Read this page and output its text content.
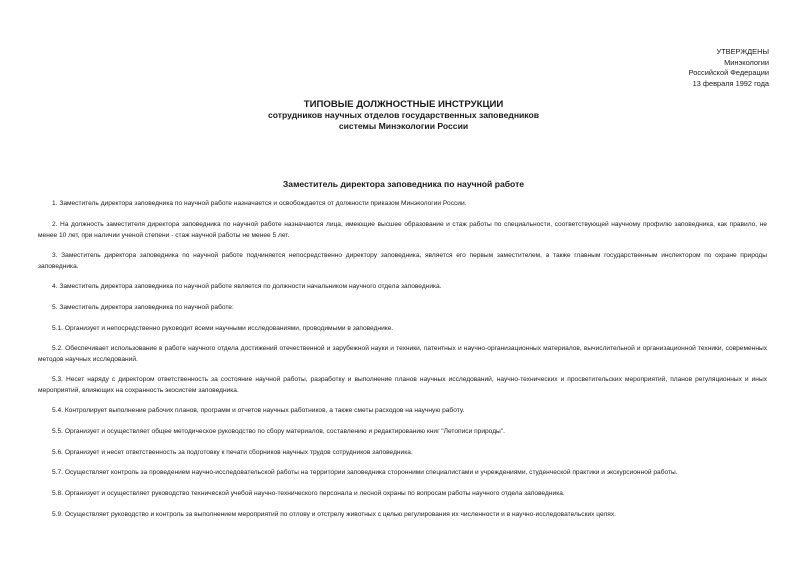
УТВЕРЖДЕНЫ
Минэкологии
Российской Федерации
13 февраля 1992 года
ТИПОВЫЕ ДОЛЖНОСТНЫЕ ИНСТРУКЦИИ
сотрудников научных отделов государственных заповедников
системы Минэкологии России
Заместитель директора заповедника по научной работе

1. Заместитель директора заповедника по научной работе назначается и освобождается от должности приказом Минэкологии России.

2. На должность заместителя директора заповедника по научной работе назначаются лица, имеющие высшее образование и стаж работы по специальности, соответствующей научному профилю заповедника, как правило, не менее 10 лет, при наличии ученой степени - стаж научной работы не менее 5 лет.

3. Заместитель директора заповедника по научной работе подчиняется непосредственно директору заповедника, является его первым заместителем, а также главным государственным инспектором по охране природы заповедника.

4. Заместитель директора заповедника по научной работе является по должности начальником научного отдела заповедника.

5. Заместитель директора заповедника по научной работе:

5.1. Организует и непосредственно руководит всеми научными исследованиями, проводимыми в заповеднике.

5.2. Обеспечивает использование в работе научного отдела достижений отечественной и зарубежной науки и техники, патентных и научно-организационных материалов, вычислительной и организационной техники, современных методов научных исследований.

5.3. Несет наряду с директором ответственность за состояние научной работы, разработку и выполнение планов научных исследований, научно-технических и просветительских мероприятий, планов регуляционных и иных мероприятий, влияющих на сохранность экосистем заповедника.

5.4. Контролирует выполнение рабочих планов, программ и отчетов научных работников, а также сметы расходов на научную работу.

5.5. Организует и осуществляет общее методическое руководство по сбору материалов, составлению и редактированию книг "Летописи природы".

5.6. Организует и несет ответственность за подготовку к печати сборников научных трудов сотрудников заповедника.

5.7. Осуществляет контроль за проведением научно-исследовательской работы на территории заповедника сторонними специалистами и учреждениями, студенческой практики и экскурсионной работы.

5.8. Организует и осуществляет руководство технической учебой научно-технического персонала и лесной охраны по вопросам работы научного отдела заповедника.

5.9. Осуществляет руководство и контроль за выполнением мероприятий по отлову и отстрелу животных с целью регулирования их численности и в научно-исследовательских целях.
